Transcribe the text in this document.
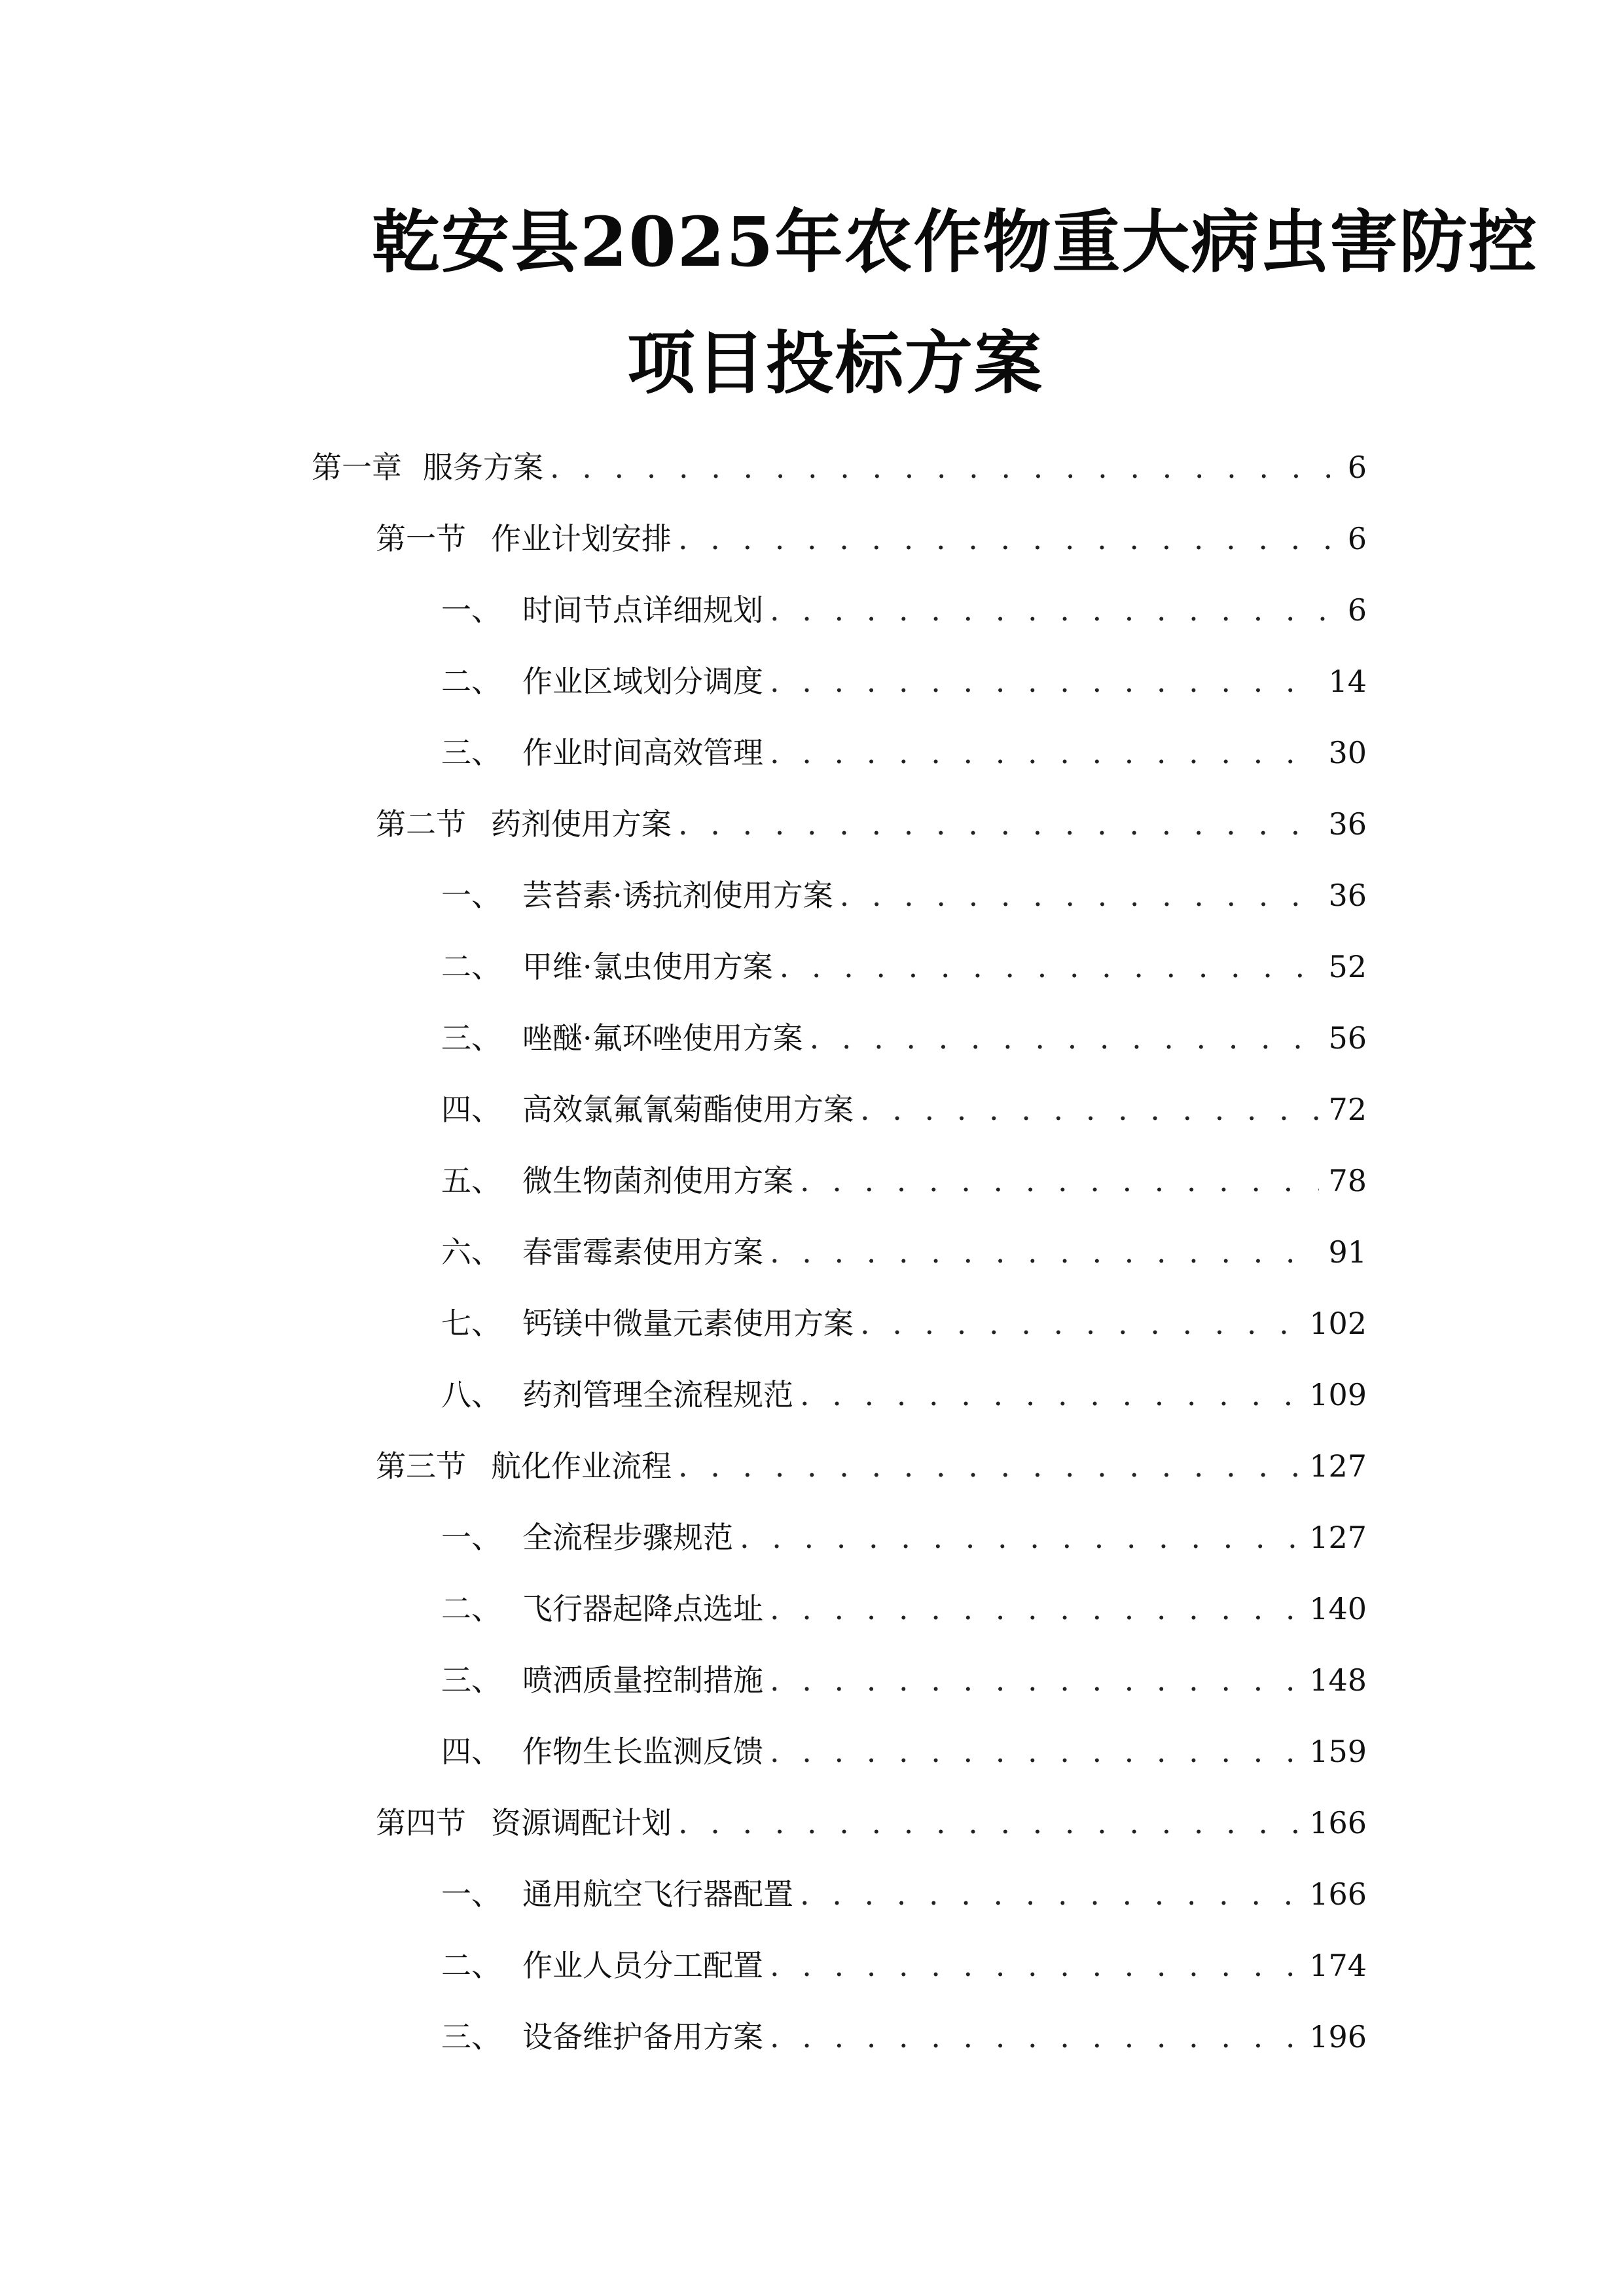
乾安县2025年农作物重大病虫害防控
项目投标方案
第一章 服务方案 . . .	6
第一节 作业计划安排 . . .	6
一、 时间节点详细规划 . . .	6
二、 作业区域划分调度 . . .	14
三、 作业时间高效管理 . . .	30
第二节 药剂使用方案 . . .	36
一、 芸苔素·诱抗剂使用方案 . . .	36
二、 甲维·氯虫使用方案 . . .	52
三、 唑醚·氟环唑使用方案 . . .	56
四、 高效氯氟氰菊酯使用方案 . . .	72
五、 微生物菌剂使用方案 . . .	78
六、 春雷霉素使用方案 . . .	91
七、 钙镁中微量元素使用方案 . . .	102
八、 药剂管理全流程规范 . . .	109
第三节 航化作业流程 . . .	127
一、 全流程步骤规范 . . .	127
二、 飞行器起降点选址 . . .	140
三、 喷洒质量控制措施 . . .	148
四、 作物生长监测反馈 . . .	159
第四节 资源调配计划 . . .	166
一、 通用航空飞行器配置 . . .	166
二、 作业人员分工配置 . . .	174
三、 设备维护备用方案 . . .	196
